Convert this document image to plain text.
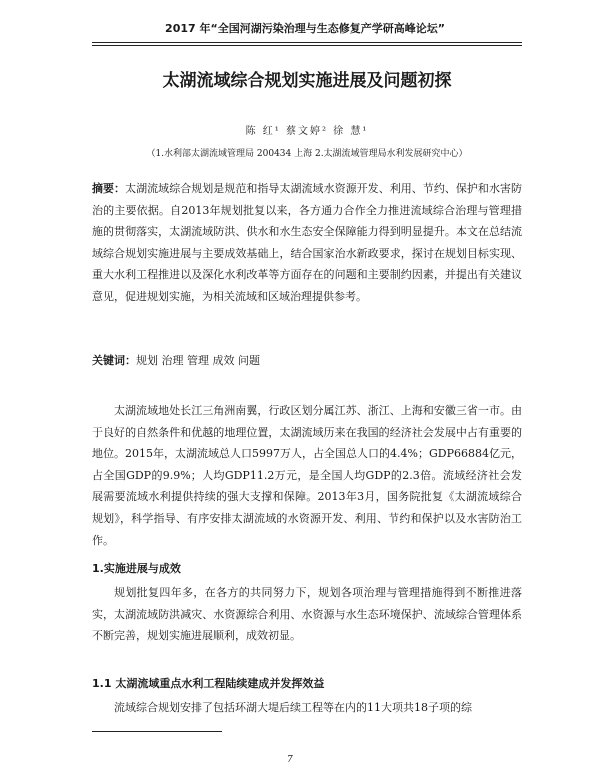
2017 年“全国河湖污染治理与生态修复产学研高峰论坛”
太湖流域综合规划实施进展及问题初探
陈 红¹ 蔡文婷² 徐 慧¹
（1.水利部太湖流域管理局 200434 上海 2.太湖流域管理局水利发展研究中心）

摘要：太湖流域综合规划是规范和指导太湖流域水资源开发、利用、节约、保护和水害防治的主要依据。自2013年规划批复以来，各方通力合作全力推进流域综合治理与管理措施的贯彻落实，太湖流域防洪、供水和水生态安全保障能力得到明显提升。本文在总结流域综合规划实施进展与主要成效基础上，结合国家治水新政要求，探讨在规划目标实现、重大水利工程推进以及深化水利改革等方面存在的问题和主要制约因素，并提出有关建议意见，促进规划实施，为相关流域和区域治理提供参考。

关键词：规划 治理 管理 成效 问题

太湖流域地处长江三角洲南翼，行政区划分属江苏、浙江、上海和安徽三省一市。由于良好的自然条件和优越的地理位置，太湖流域历来在我国的经济社会发展中占有重要的地位。2015年，太湖流域总人口5997万人，占全国总人口的4.4%；GDP66884亿元，占全国GDP的9.9%；人均GDP11.2万元，是全国人均GDP的2.3倍。流域经济社会发展需要流域水利提供持续的强大支撑和保障。2013年3月，国务院批复《太湖流域综合规划》，科学指导、有序安排太湖流域的水资源开发、利用、节约和保护以及水害防治工作。

1.实施进展与成效

规划批复四年多，在各方的共同努力下，规划各项治理与管理措施得到不断推进落实，太湖流域防洪减灾、水资源综合利用、水资源与水生态环境保护、流域综合管理体系不断完善，规划实施进展顺利，成效初显。

1.1 太湖流域重点水利工程陆续建成并发挥效益

流域综合规划安排了包括环湖大堤后续工程等在内的11大项共18子项的综

7
